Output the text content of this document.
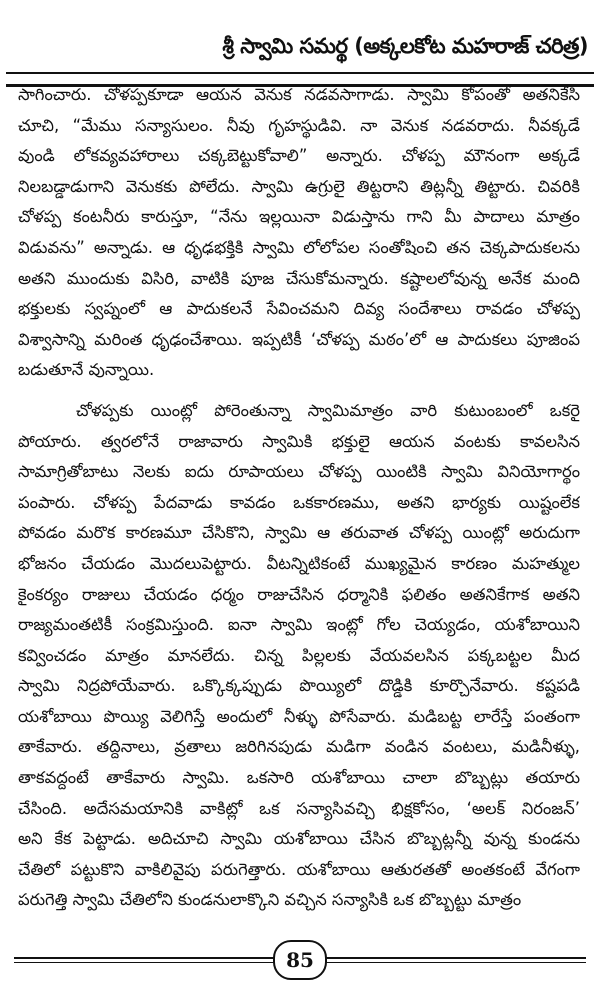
శ్రీ స్వామి సమర్థ (అక్కలకోట మహరాజ్ చరిత్ర)
సాగించారు. చోళప్పకూడా ఆయన వెనుక నడవసాగాడు. స్వామి కోపంతో అతనికేసి
చూచి, “మేము సన్యాసులం. నీవు గృహస్థుడివి. నా వెనుక నడవరాదు. నీవక్కడే
వుండి లోకవ్యవహారాలు చక్కబెట్టుకోవాలి” అన్నారు. చోళప్ప మౌనంగా అక్కడే
నిలబడ్డాడుగాని వెనుకకు పోలేదు. స్వామి ఉగ్రులై తిట్టరాని తిట్లన్నీ తిట్టారు. చివరికి
చోళప్ప కంటనీరు కారుస్తూ, “నేను ఇల్లయినా విడుస్తాను గాని మీ పాదాలు మాత్రం
విడువను” అన్నాడు. ఆ ధృఢభక్తికి స్వామి లోలోపల సంతోషించి తన చెక్కపాదుకలను
అతని ముందుకు విసిరి, వాటికి పూజ చేసుకోమన్నారు. కష్టాలలోవున్న అనేక మంది
భక్తులకు స్వప్నంలో ఆ పాదుకలనే సేవించమని దివ్య సందేశాలు రావడం చోళప్ప
విశ్వాసాన్ని మరింత ధృఢంచేశాయి. ఇప్పటికీ ‘చోళప్ప మఠం’లో ఆ పాదుకలు పూజింప
బడుతూనే వున్నాయి.
చోళప్పకు యింట్లో పోరెంతున్నా స్వామిమాత్రం వారి కుటుంబంలో ఒకరై
పోయారు. త్వరలోనే రాజావారు స్వామికి భక్తులై ఆయన వంటకు కావలసిన
సామాగ్రితోబాటు నెలకు ఐదు రూపాయలు చోళప్ప యింటికి స్వామి వినియోగార్థం
పంపారు. చోళప్ప పేదవాడు కావడం ఒకకారణము, అతని భార్యకు యిష్టంలేక
పోవడం మరొక కారణమూ చేసికొని, స్వామి ఆ తరువాత చోళప్ప యింట్లో అరుదుగా
భోజనం చేయడం మొదలుపెట్టారు. వీటన్నిటికంటే ముఖ్యమైన కారణం మహత్ముల
కైంకర్యం రాజులు చేయడం ధర్మం రాజుచేసిన ధర్మానికి ఫలితం అతనికేగాక అతని
రాజ్యమంతటికీ సంక్రమిస్తుంది. ఐనా స్వామి ఇంట్లో గోల చెయ్యడం, యశోబాయిని
కవ్వించడం మాత్రం మానలేదు. చిన్న పిల్లలకు వేయవలసిన పక్కబట్టల మీద
స్వామి నిద్రపోయేవారు. ఒక్కొక్కప్పుడు పొయ్యిలో దొడ్డికి కూర్చొనేవారు. కష్టపడి
యశోబాయి పొయ్యి వెలిగిస్తే అందులో నీళ్ళు పోసేవారు. మడిబట్ట లారేస్తే పంతంగా
తాకేవారు. తద్దినాలు, వ్రతాలు జరిగినపుడు మడిగా వండిన వంటలు, మడినీళ్ళు,
తాకవద్దంటే తాకేవారు స్వామి. ఒకసారి యశోబాయి చాలా బొబ్బట్లు తయారు
చేసింది. అదేసమయానికి వాకిట్లో ఒక సన్యాసివచ్చి భిక్షకోసం, ‘అలక్ నిరంజన్’
అని కేక పెట్టాడు. అదిచూచి స్వామి యశోబాయి చేసిన బొబ్బట్లన్నీ వున్న కుండను
చేతిలో పట్టుకొని వాకిలివైపు పరుగెత్తారు. యశోబాయి ఆతురతతో అంతకంటే వేగంగా
పరుగెత్తి స్వామి చేతిలోని కుండనులాక్కొని వచ్చిన సన్యాసికి ఒక బొబ్బట్టు మాత్రం
85
